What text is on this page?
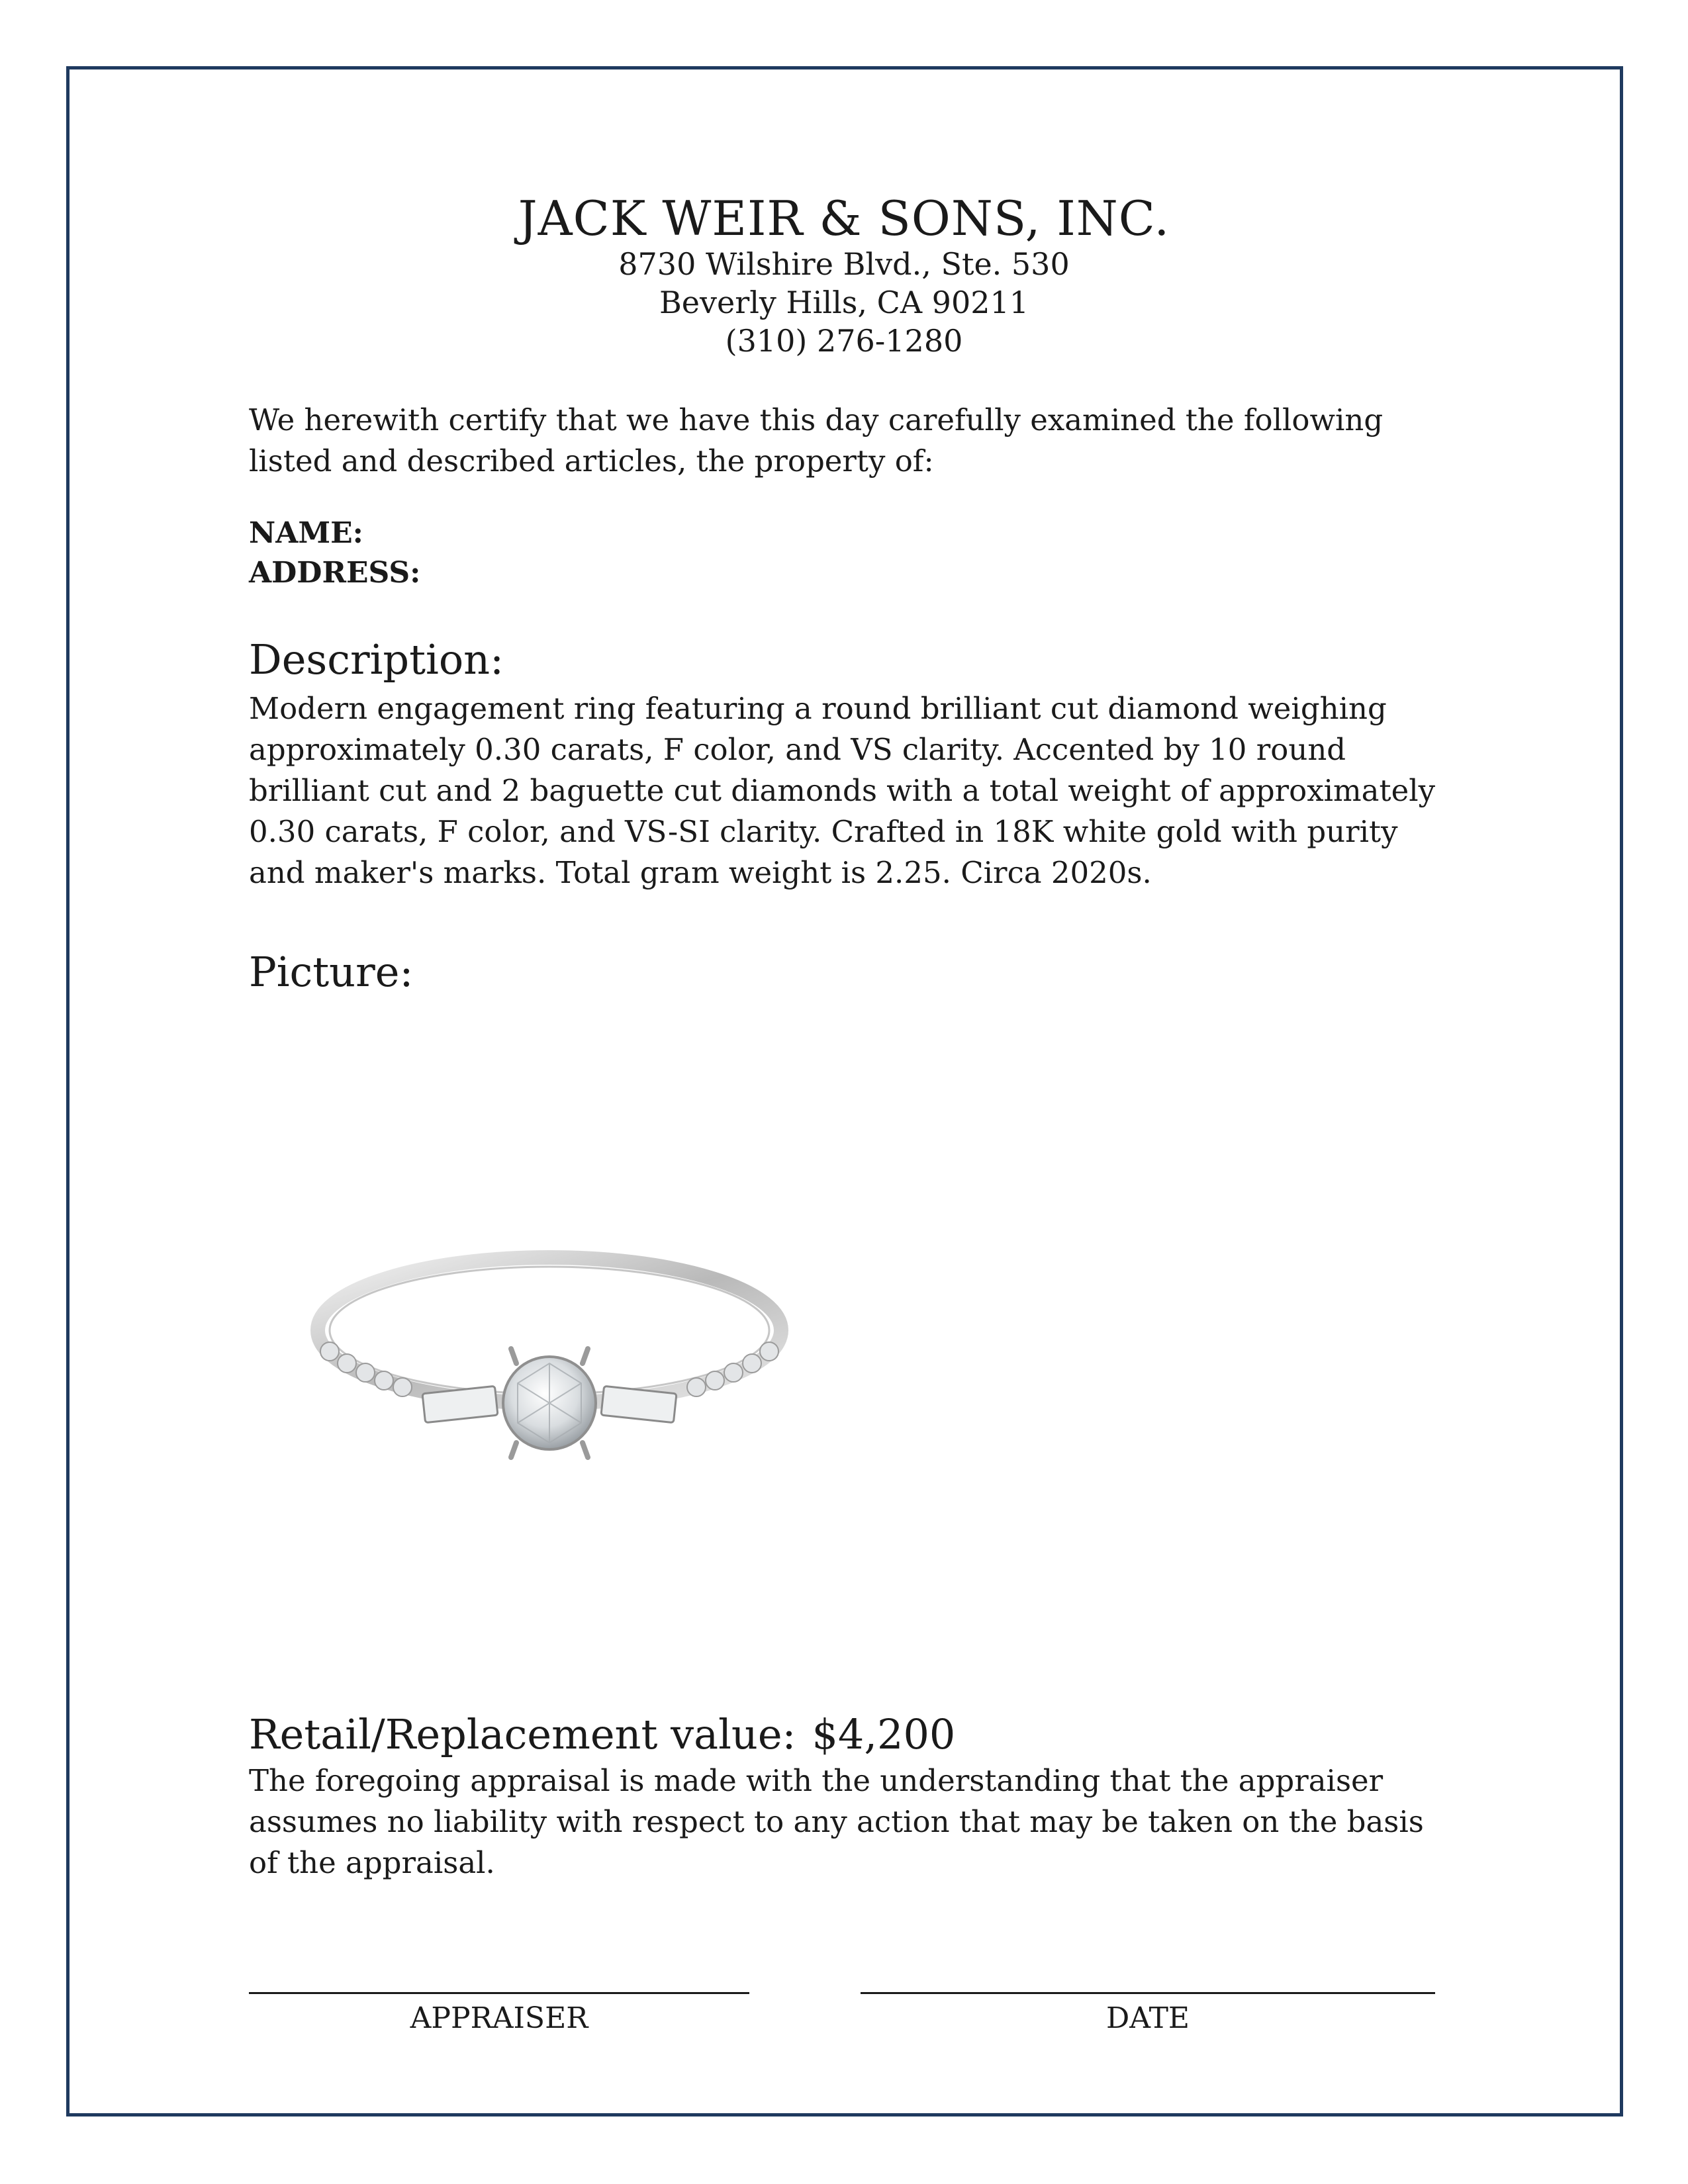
JACK WEIR & SONS, INC.
8730 Wilshire Blvd., Ste. 530
Beverly Hills, CA 90211
(310) 276-1280
We herewith certify that we have this day carefully examined the following listed and described articles, the property of:
NAME:
ADDRESS:
Description:
Modern engagement ring featuring a round brilliant cut diamond weighing approximately 0.30 carats, F color, and VS clarity. Accented by 10 round brilliant cut and 2 baguette cut diamonds with a total weight of approximately 0.30 carats, F color, and VS-SI clarity. Crafted in 18K white gold with purity and maker's marks. Total gram weight is 2.25. Circa 2020s.
Picture:
Retail/Replacement value: $4,200
The foregoing appraisal is made with the understanding that the appraiser assumes no liability with respect to any action that may be taken on the basis of the appraisal.
APPRAISER	DATE
